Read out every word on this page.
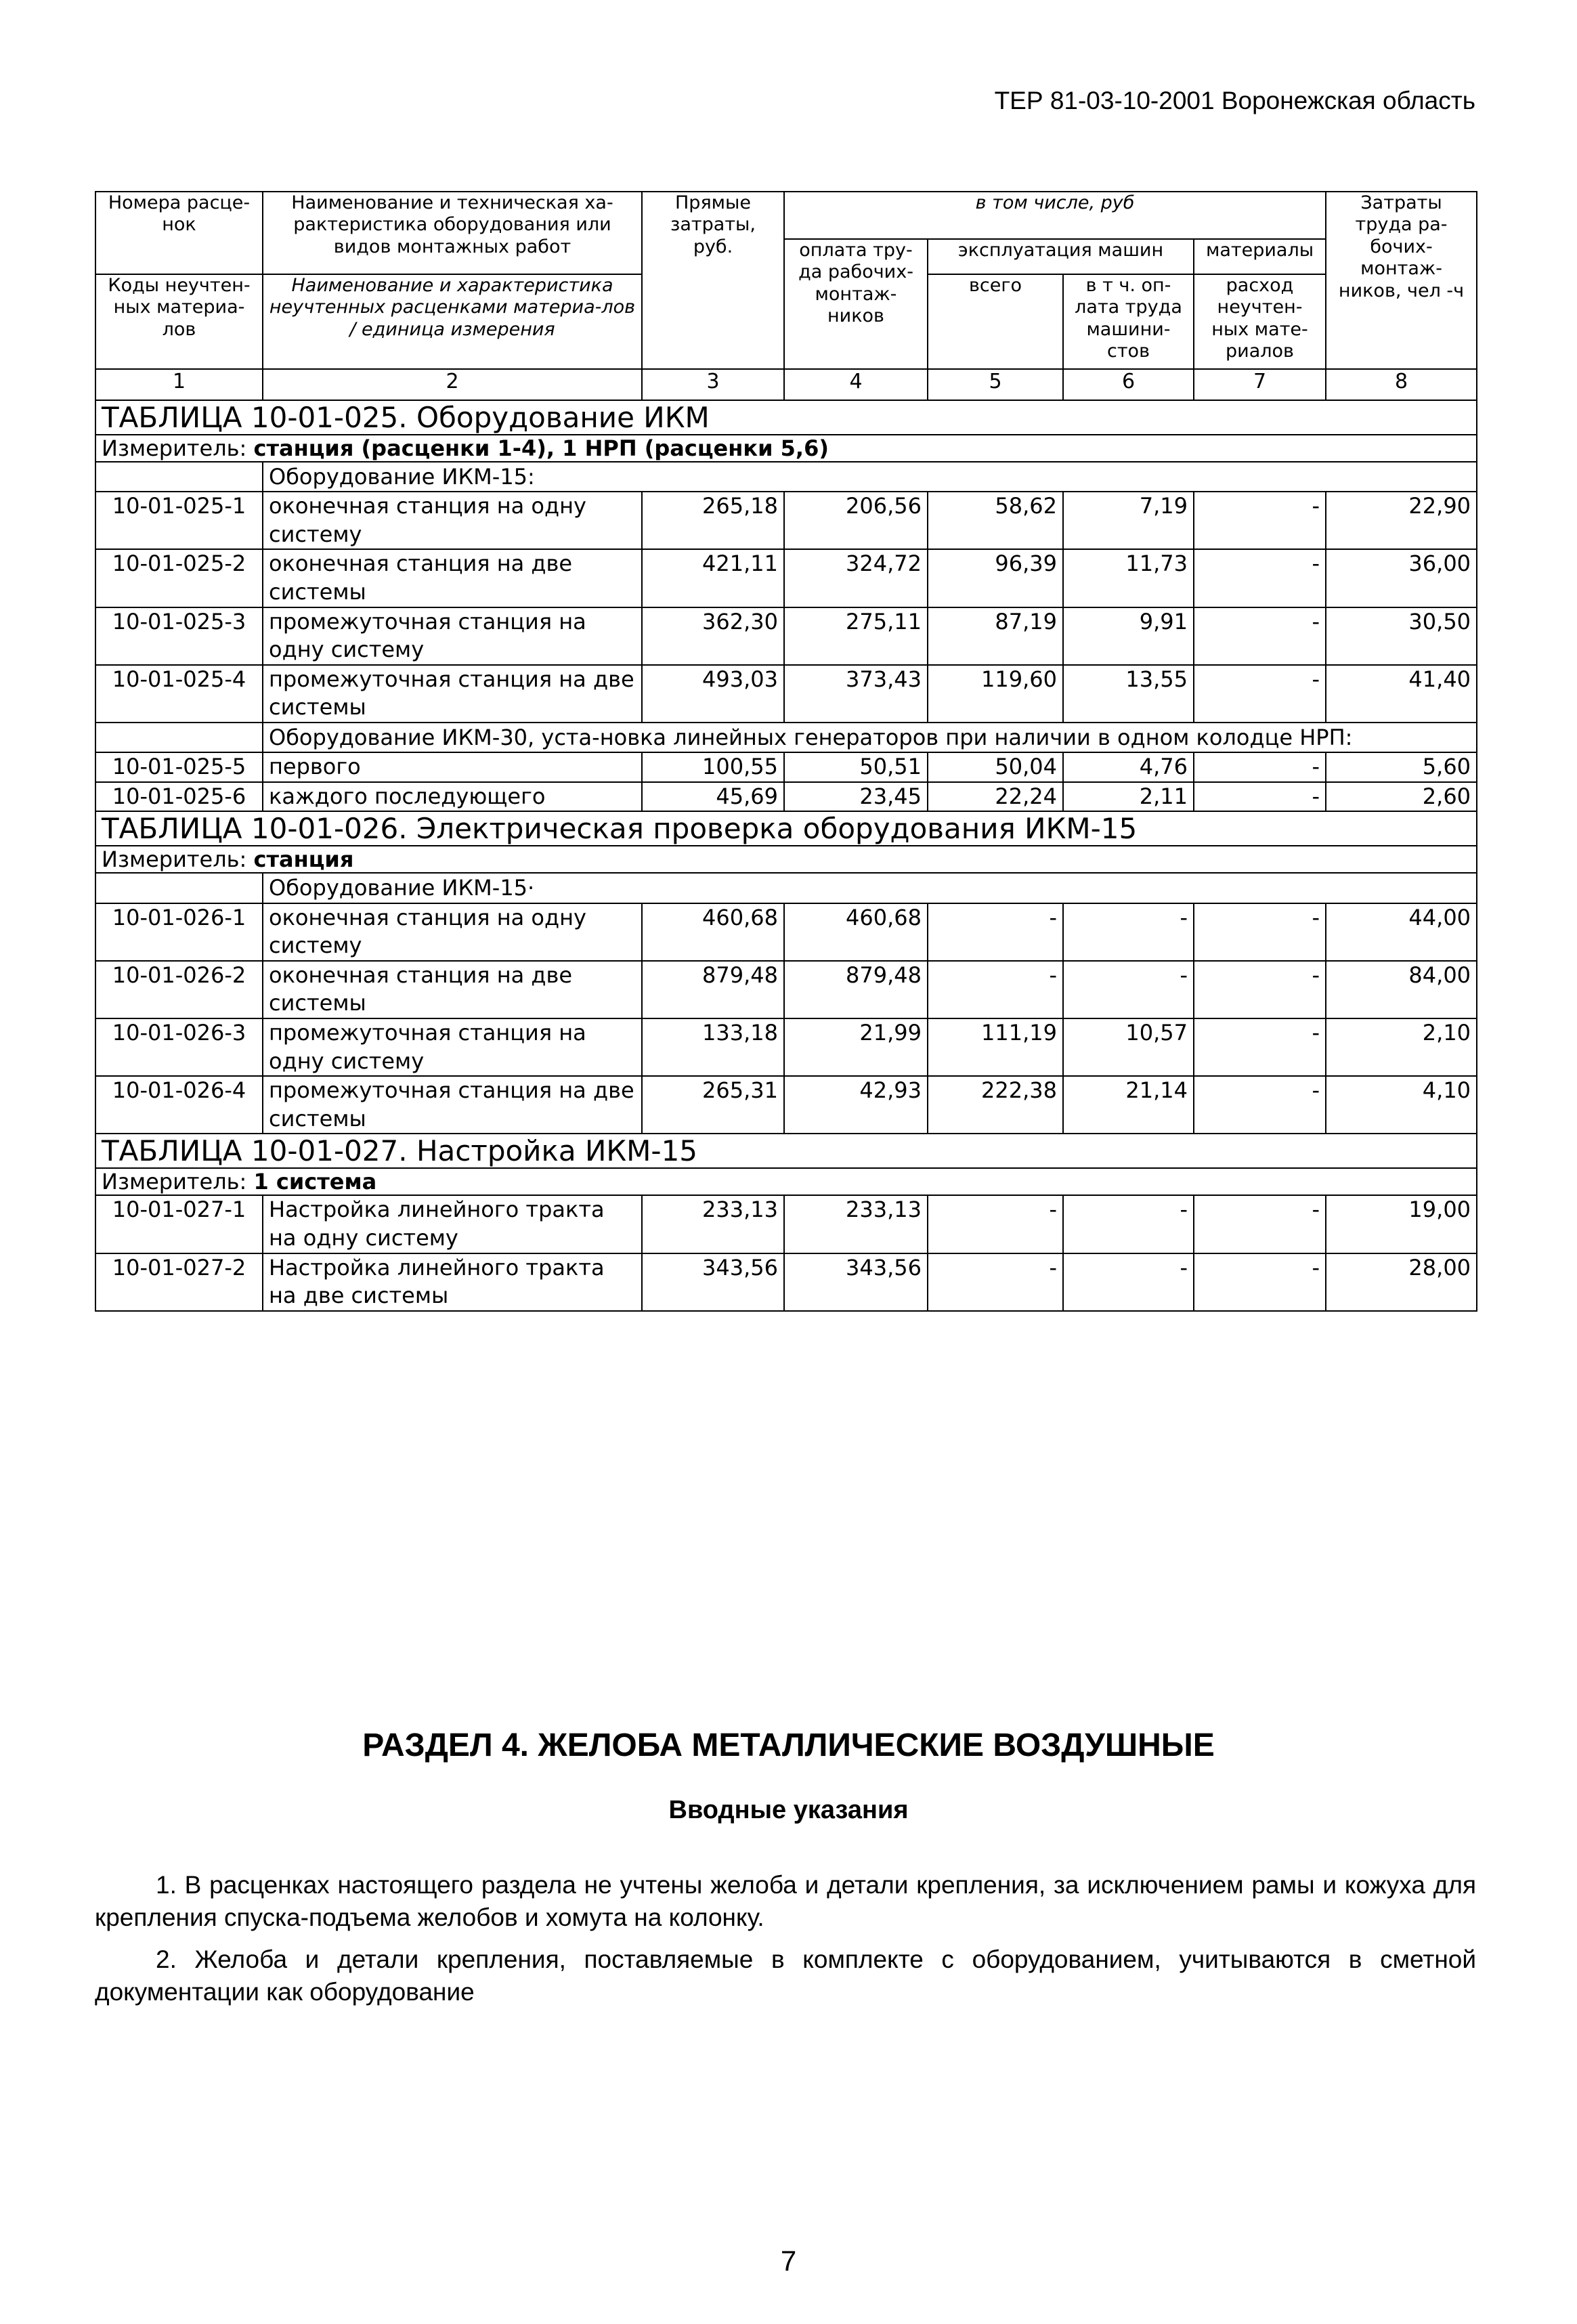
ТЕР 81-03-10-2001 Воронежская область
Номера расце-нок	Наименование и техническая ха-рактеристика оборудования или видов монтажных работ	Прямые затраты, руб.	в том числе, руб				Затраты труда ра-бочих-монтаж-ников, чел -ч
			оплата тру-да рабочих-монтаж-ников	эксплуатация машин		материалы	
Коды неучтен-ных материа-лов	Наименование и характеристика неучтенных расценками материа-лов / единица измерения			всего	в т ч. оп-лата труда машини-стов	расход неучтен-ных мате-риалов	

1	2	3	4	5	6	7	8
ТАБЛИЦА 10-01-025. Оборудование ИКМ							
Измеритель: станция (расценки 1-4), 1 НРП (расценки 5,6)							
	Оборудование ИКМ-15:						
10-01-025-1	оконечная станция на одну систему	265,18	206,56	58,62	7,19	-	22,90
10-01-025-2	оконечная станция на две системы	421,11	324,72	96,39	11,73	-	36,00
10-01-025-3	промежуточная станция на одну систему	362,30	275,11	87,19	9,91	-	30,50
10-01-025-4	промежуточная станция на две системы	493,03	373,43	119,60	13,55	-	41,40
	Оборудование ИКМ-30, уста-новка линейных генераторов при наличии в одном колодце НРП:						
10-01-025-5	первого	100,55	50,51	50,04	4,76	-	5,60
10-01-025-6	каждого последующего	45,69	23,45	22,24	2,11	-	2,60
ТАБЛИЦА 10-01-026. Электрическая проверка оборудования ИКМ-15							
Измеритель: станция							
	Оборудование ИКМ-15·						
10-01-026-1	оконечная станция на одну систему	460,68	460,68	-	-	-	44,00
10-01-026-2	оконечная станция на две системы	879,48	879,48	-	-	-	84,00
10-01-026-3	промежуточная станция на одну систему	133,18	21,99	111,19	10,57	-	2,10
10-01-026-4	промежуточная станция на две системы	265,31	42,93	222,38	21,14	-	4,10
ТАБЛИЦА 10-01-027. Настройка ИКМ-15							
Измеритель: 1 система							
10-01-027-1	Настройка линейного тракта на одну систему	233,13	233,13	-	-	-	19,00
10-01-027-2	Настройка линейного тракта на две системы	343,56	343,56	-	-	-	28,00
РАЗДЕЛ 4. ЖЕЛОБА МЕТАЛЛИЧЕСКИЕ ВОЗДУШНЫЕ
Вводные указания
1. В расценках настоящего раздела не учтены желоба и детали крепления, за исключением рамы и кожуха для крепления спуска-подъема желобов и хомута на колонку.
2. Желоба и детали крепления, поставляемые в комплекте с оборудованием, учитываются в сметной документации как оборудование
7
